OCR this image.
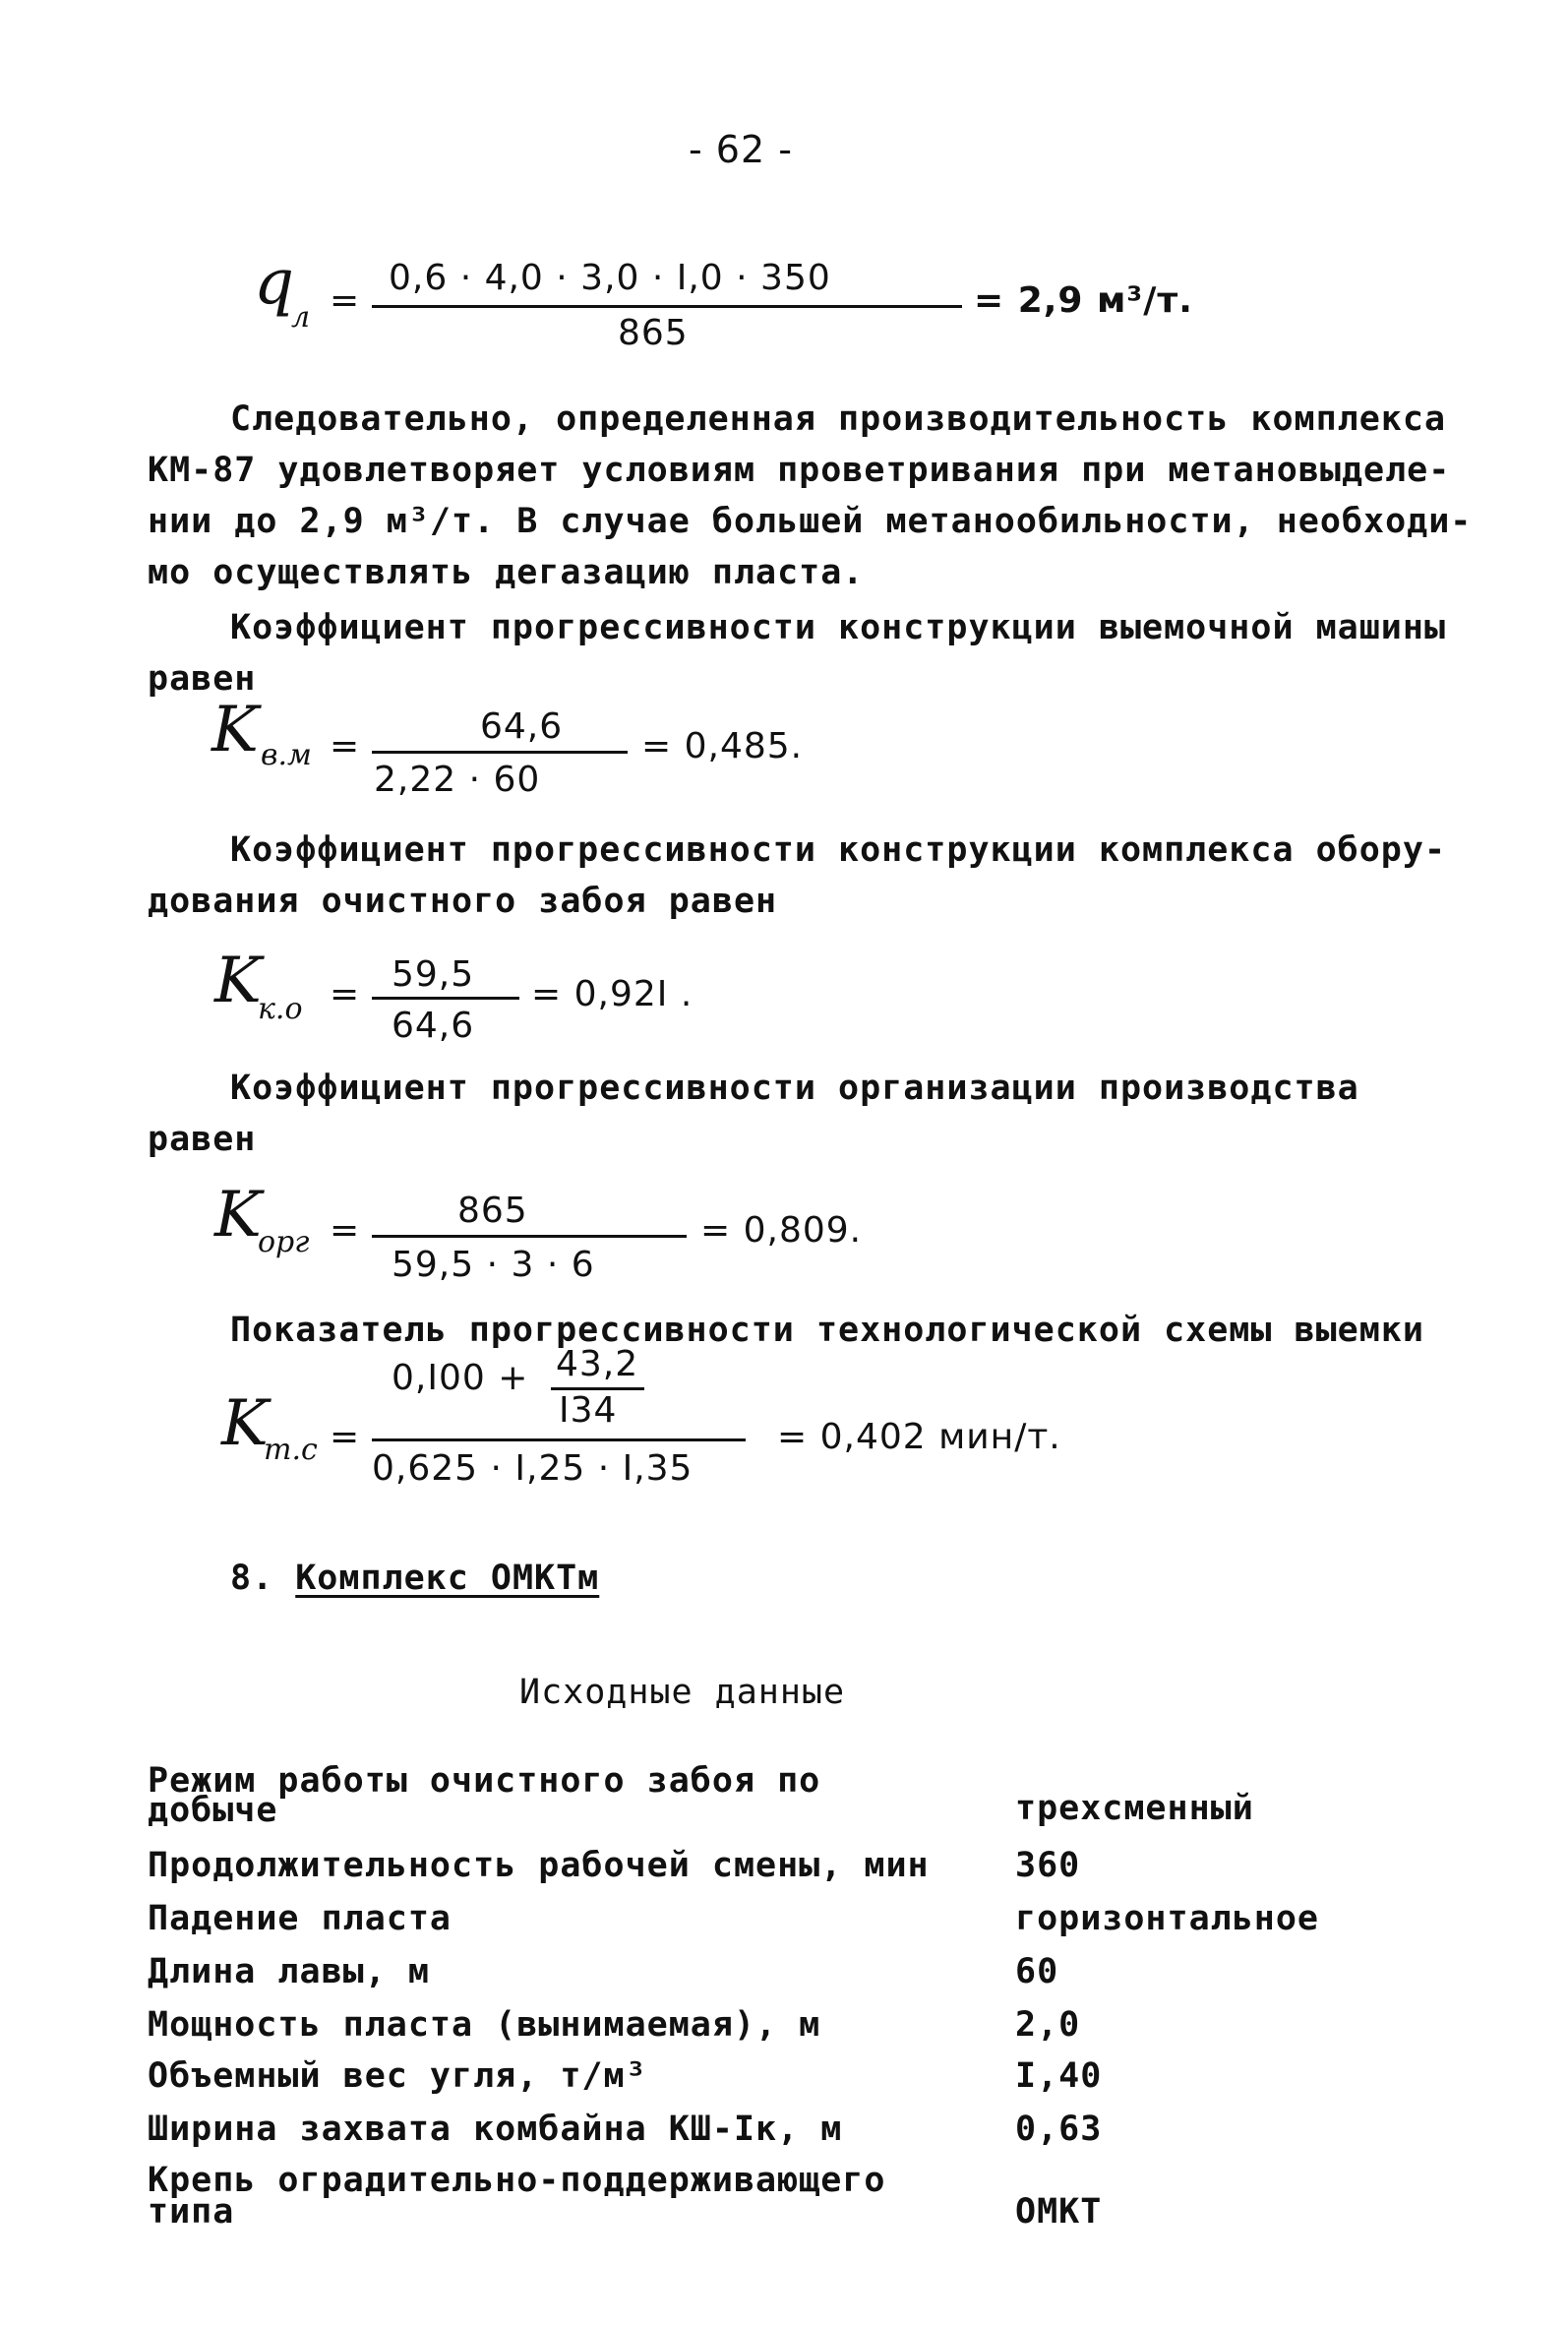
- 62 -
q
л =
0,6 · 4,0 · 3,0 · I,0 · 350
865
= 2,9 м³/т.
Следовательно, определенная производительность комплекса
КМ-87 удовлетворяет условиям проветривания при метановыделе-
нии до 2,9 м³/т. В случае большей метанообильности, необходи-
мо осуществлять дегазацию пласта.
Коэффициент прогрессивности конструкции выемочной машины
равен
K в.м =	64,6
2,22 · 60
= 0,485.
Коэффициент прогрессивности конструкции комплекса обору-
дования очистного забоя равен
K
к.о = 59,5
64,6
= 0,92I .
Коэффициент прогрессивности организации производства
равен
K
орг =	865
59,5 · 3 · 6
= 0,809.
Показатель прогрессивности технологической схемы выемки
0,I00 + 43,2
I34
K
т.с =
0,625 · I,25 · I,35
= 0,402 мин/т.
8. Комплекс ОМКТм
Исходные данные
Режим работы очистного забоя по
добыче	трехсменный
Продолжительность рабочей смены, мин 360
Падение пласта	горизонтальное
Длина лавы, м	60
Мощность пласта (вынимаемая), м	2,0
Объемный вес угля, т/м³	I,40
Ширина захвата комбайна КШ-Iк, м	0,63
Крепь оградительно-поддерживающего
типа	ОМКТ
